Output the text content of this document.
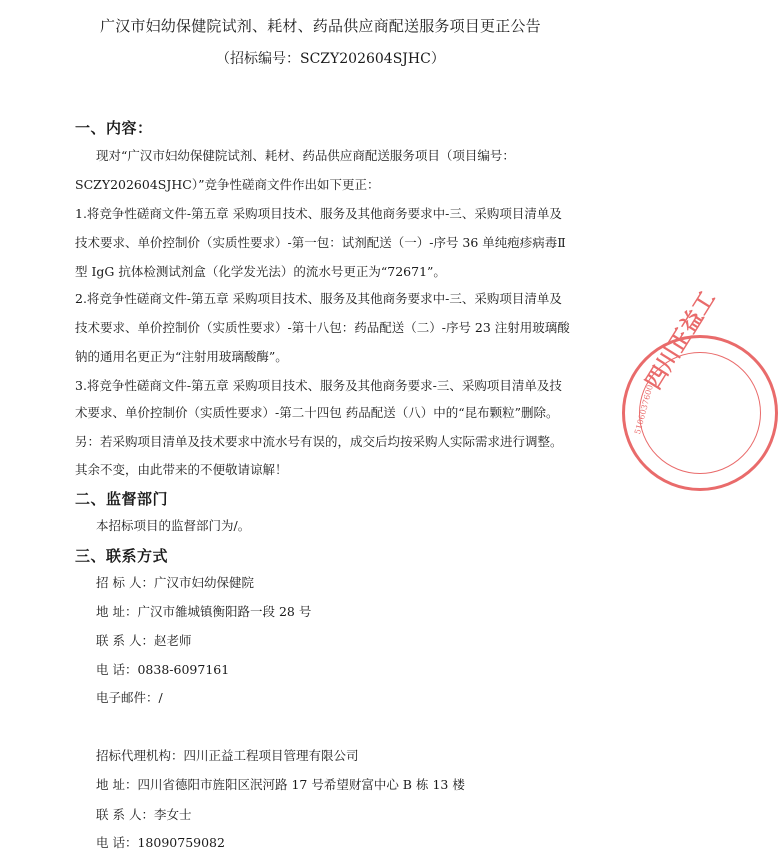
广汉市妇幼保健院试剂、耗材、药品供应商配送服务项目更正公告
（招标编号：SCZY202604SJHC）
一、内容：
现对“广汉市妇幼保健院试剂、耗材、药品供应商配送服务项目（项目编号：
SCZY202604SJHC）”竞争性磋商文件作出如下更正：
1.将竞争性磋商文件-第五章 采购项目技术、服务及其他商务要求中-三、采购项目清单及
技术要求、单价控制价（实质性要求）-第一包：试剂配送（一）-序号 36 单纯疱疹病毒Ⅱ
型 IgG 抗体检测试剂盒（化学发光法）的流水号更正为“72671”。
2.将竞争性磋商文件-第五章 采购项目技术、服务及其他商务要求中-三、采购项目清单及
技术要求、单价控制价（实质性要求）-第十八包：药品配送（二）-序号 23 注射用玻璃酸
钠的通用名更正为“注射用玻璃酸酶”。
3.将竞争性磋商文件-第五章 采购项目技术、服务及其他商务要求-三、采购项目清单及技
术要求、单价控制价（实质性要求）-第二十四包 药品配送（八）中的“昆布颗粒”删除。
另：若采购项目清单及技术要求中流水号有误的，成交后均按采购人实际需求进行调整。
其余不变，由此带来的不便敬请谅解！
二、监督部门
本招标项目的监督部门为/。
三、联系方式
招 标 人：广汉市妇幼保健院
地 址：广汉市雒城镇衡阳路一段 28 号
联 系 人：赵老师
电 话：0838-6097161
电子邮件：/
招标代理机构：四川正益工程项目管理有限公司
地 址：四川省德阳市旌阳区泯河路 17 号希望财富中心 B 栋 13 楼
联 系 人：李女士
电 话：18090759082
四川正益工
5106037600
